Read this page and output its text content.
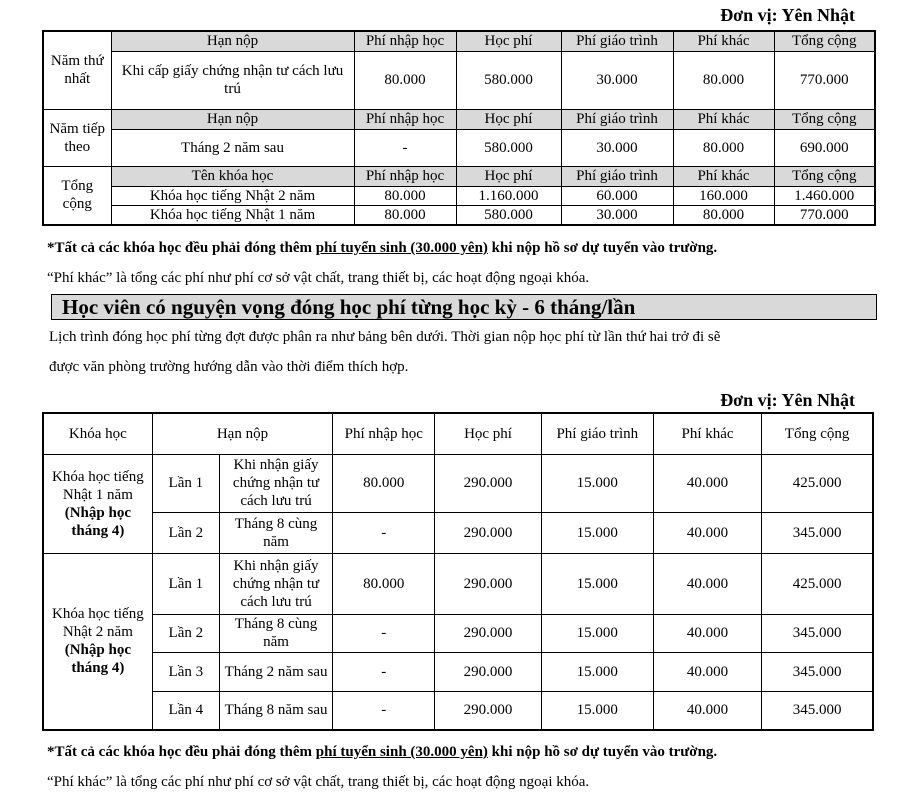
Đơn vị: Yên Nhật
Năm thứ nhất	Hạn nộp	Phí nhập học	Học phí	Phí giáo trình	Phí khác	Tổng cộng
	Khi cấp giấy chứng nhận tư cách lưu trú	80.000	580.000	30.000	80.000	770.000
Năm tiếp theo	Hạn nộp	Phí nhập học	Học phí	Phí giáo trình	Phí khác	Tổng cộng
	Tháng 2 năm sau	-	580.000	30.000	80.000	690.000
Tổng cộng	Tên khóa học	Phí nhập học	Học phí	Phí giáo trình	Phí khác	Tổng cộng
	Khóa học tiếng Nhật 2 năm	80.000	1.160.000	60.000	160.000	1.460.000
	Khóa học tiếng Nhật 1 năm	80.000	580.000	30.000	80.000	770.000
*Tất cả các khóa học đều phải đóng thêm phí tuyển sinh (30.000 yên) khi nộp hồ sơ dự tuyển vào trường.
“Phí khác” là tổng các phí như phí cơ sở vật chất, trang thiết bị, các hoạt động ngoại khóa.
Học viên có nguyện vọng đóng học phí từng học kỳ - 6 tháng/lần
Lịch trình đóng học phí từng đợt được phân ra như bảng bên dưới. Thời gian nộp học phí từ lần thứ hai trở đi sẽ
được văn phòng trường hướng dẫn vào thời điểm thích hợp.
Đơn vị: Yên Nhật
Khóa học	Hạn nộp		Phí nhập học	Học phí	Phí giáo trình	Phí khác	Tổng cộng

Khóa học tiếng Nhật 1 năm
(Nhập học tháng 4)	Lần 1	Khi nhận giấy chứng nhận tư cách lưu trú	80.000	290.000	15.000	40.000	425.000
	Lần 2	Tháng 8 cùng năm	-	290.000	15.000	40.000	345.000

Khóa học tiếng Nhật 2 năm
(Nhập học tháng 4)	Lần 1	Khi nhận giấy chứng nhận tư cách lưu trú	80.000	290.000	15.000	40.000	425.000
	Lần 2	Tháng 8 cùng năm	-	290.000	15.000	40.000	345.000
	Lần 3	Tháng 2 năm sau	-	290.000	15.000	40.000	345.000
	Lần 4	Tháng 8 năm sau	-	290.000	15.000	40.000	345.000
*Tất cả các khóa học đều phải đóng thêm phí tuyển sinh (30.000 yên) khi nộp hồ sơ dự tuyển vào trường.
“Phí khác” là tổng các phí như phí cơ sở vật chất, trang thiết bị, các hoạt động ngoại khóa.
